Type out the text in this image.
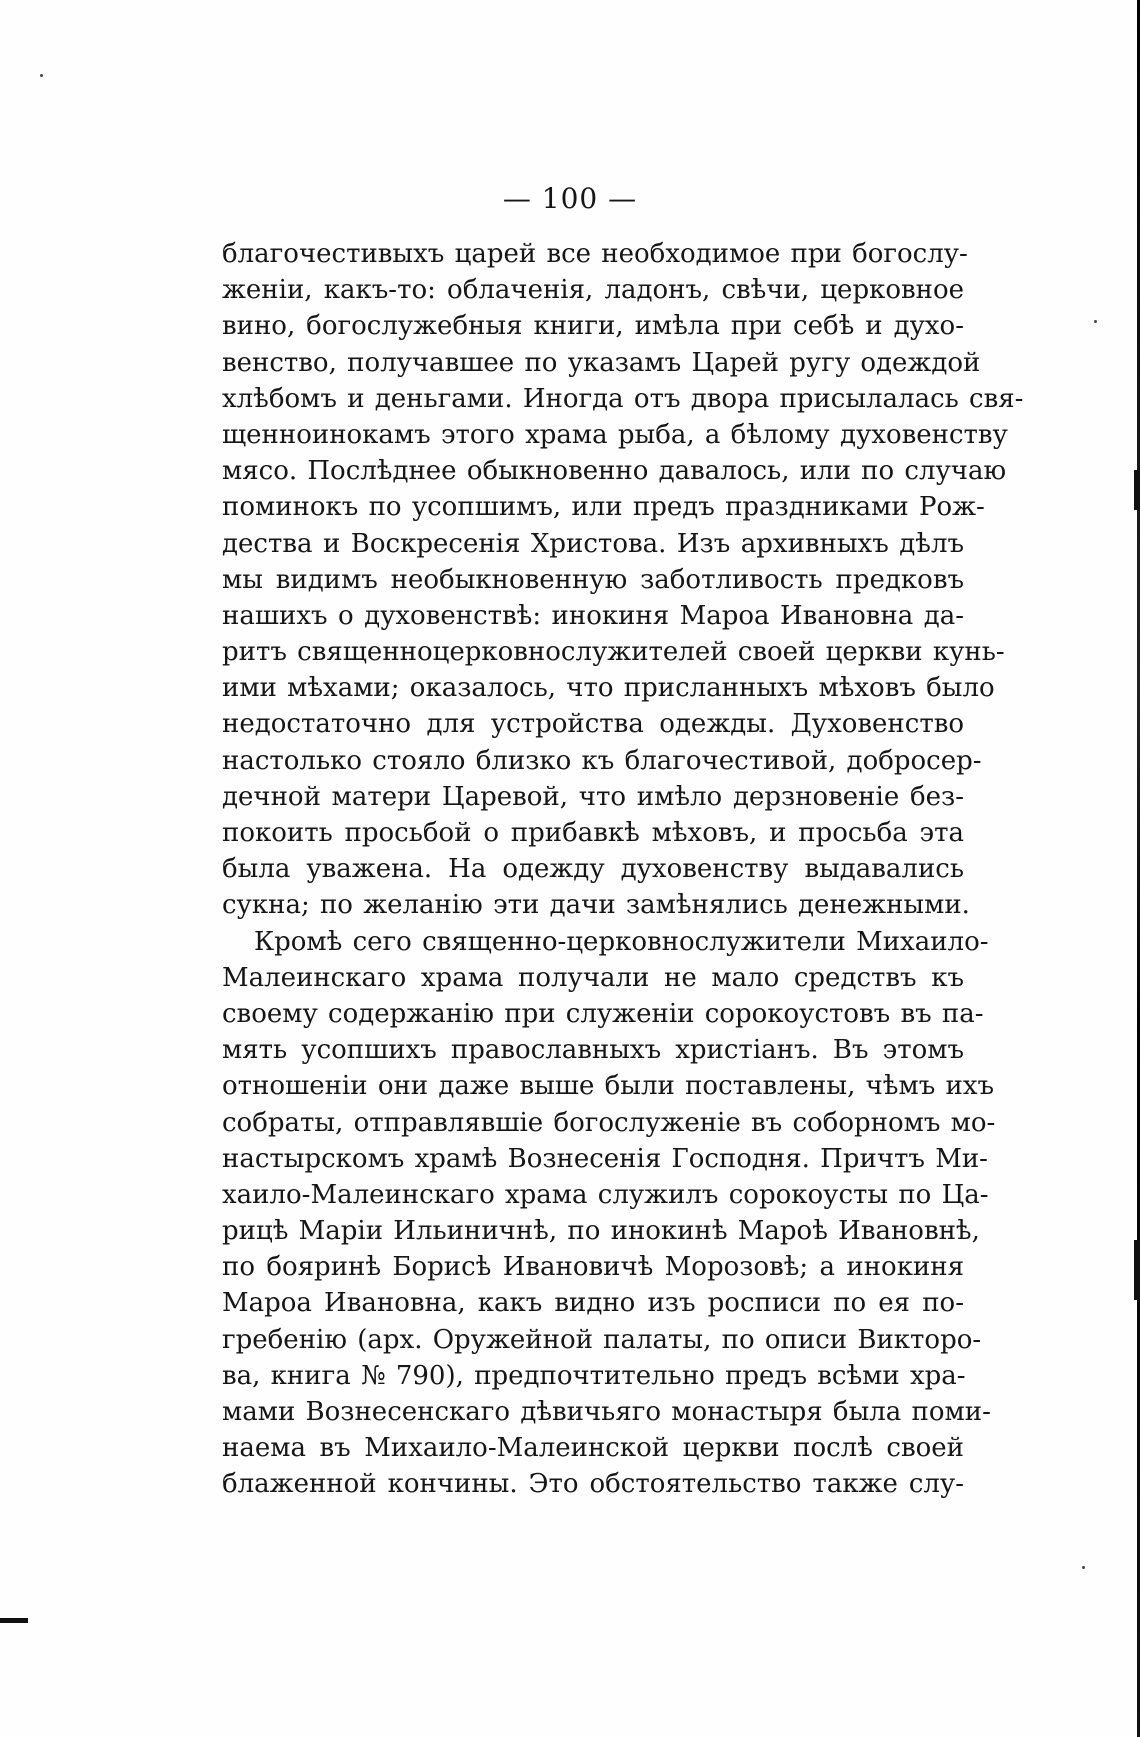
— 100 —
благочестивыхъ царей все необходимое при богослу-
женіи, какъ-то: облаченія, ладонъ, свѣчи, церковное
вино, богослужебныя книги, имѣла при себѣ и духо-
венство, получавшее по указамъ Царей ругу одеждой
хлѣбомъ и деньгами. Иногда отъ двора присылалась свя-
щенноинокамъ этого храма рыба, а бѣлому духовенству
мясо. Послѣднее обыкновенно давалось, или по случаю
поминокъ по усопшимъ, или предъ праздниками Рож-
дества и Воскресенія Христова. Изъ архивныхъ дѣлъ
мы видимъ необыкновенную заботливость предковъ
нашихъ о духовенствѣ: инокиня Мароа Ивановна да-
ритъ священноцерковнослужителей своей церкви кунь-
ими мѣхами; оказалось, что присланныхъ мѣховъ было
недостаточно для устройства одежды. Духовенство
настолько стояло близко къ благочестивой, добросер-
дечной матери Царевой, что имѣло дерзновеніе без-
покоить просьбой о прибавкѣ мѣховъ, и просьба эта
была уважена. На одежду духовенству выдавались
сукна; по желанію эти дачи замѣнялись денежными.
Кромѣ сего священно-церковнослужители Михаило-
Малеинскаго храма получали не мало средствъ къ
своему содержанію при служеніи сорокоустовъ въ па-
мять усопшихъ православныхъ христіанъ. Въ этомъ
отношеніи они даже выше были поставлены, чѣмъ ихъ
собраты, отправлявшіе богослуженіе въ соборномъ мо-
настырскомъ храмѣ Вознесенія Господня. Причтъ Ми-
хаило-Малеинскаго храма служилъ сорокоусты по Ца-
рицѣ Маріи Ильиничнѣ, по инокинѣ Мароѣ Ивановнѣ,
по бояринѣ Борисѣ Ивановичѣ Морозовѣ; а инокиня
Мароа Ивановна, какъ видно изъ росписи по ея по-
гребенію (арх. Оружейной палаты, по описи Викторо-
ва, книга № 790), предпочтительно предъ всѣми хра-
мами Вознесенскаго дѣвичьяго монастыря была поми-
наема въ Михаило-Малеинской церкви послѣ своей
блаженной кончины. Это обстоятельство также слу-
